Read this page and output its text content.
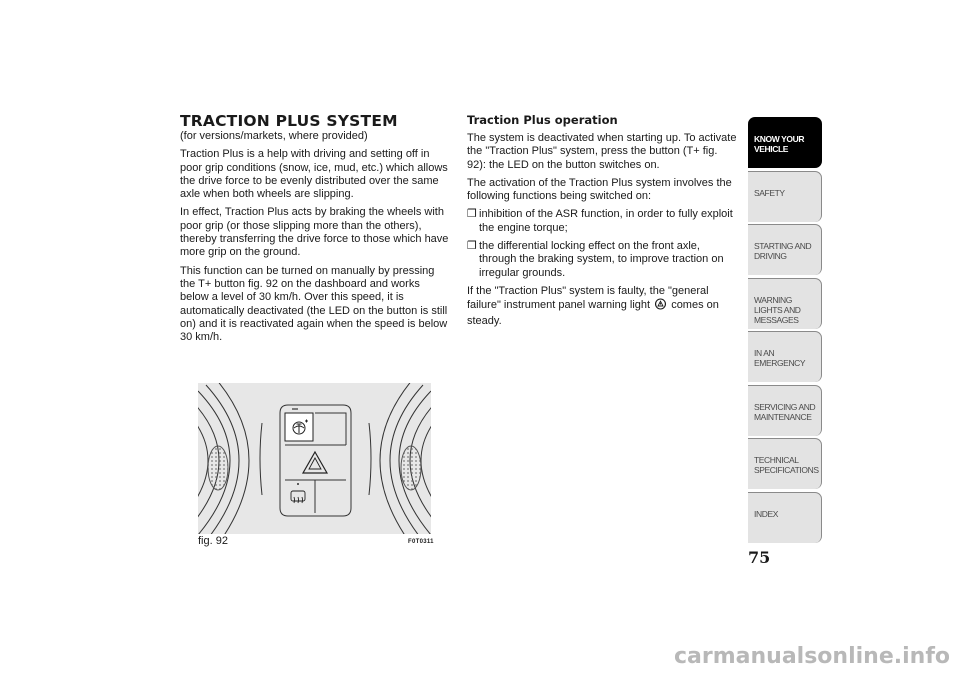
TRACTION PLUS SYSTEM

(for versions/markets, where provided)

Traction Plus is a help with driving and setting off in poor grip conditions (snow, ice, mud, etc.) which allows the drive force to be evenly distributed over the same axle when both wheels are slipping.

In effect, Traction Plus acts by braking the wheels with poor grip (or those slipping more than the others), thereby transferring the drive force to those which have more grip on the ground.

This function can be turned on manually by pressing the T+ button fig. 92 on the dashboard and works below a level of 30 km/h. Over this speed, it is automatically deactivated (the LED on the button is still on) and it is reactivated again when the speed is below 30 km/h.

Traction Plus operation

The system is deactivated when starting up. To activate the "Traction Plus" system, press the button (T+ fig. 92): the LED on the button switches on.

The activation of the Traction Plus system involves the following functions being switched on:

❒ inhibition of the ASR function, in order to fully exploit the engine torque;
❒ the differential locking effect on the front axle, through the braking system, to improve traction on irregular grounds.

If the "Traction Plus" system is faulty, the "general failure" instrument panel warning light comes on steady.

fig. 92	F0T0311
KNOW YOUR VEHICLE
SAFETY
STARTING AND DRIVING
WARNING LIGHTS AND MESSAGES
IN AN EMERGENCY
SERVICING AND MAINTENANCE
TECHNICAL SPECIFICATIONS
INDEX
75
carmanualsonline.info
